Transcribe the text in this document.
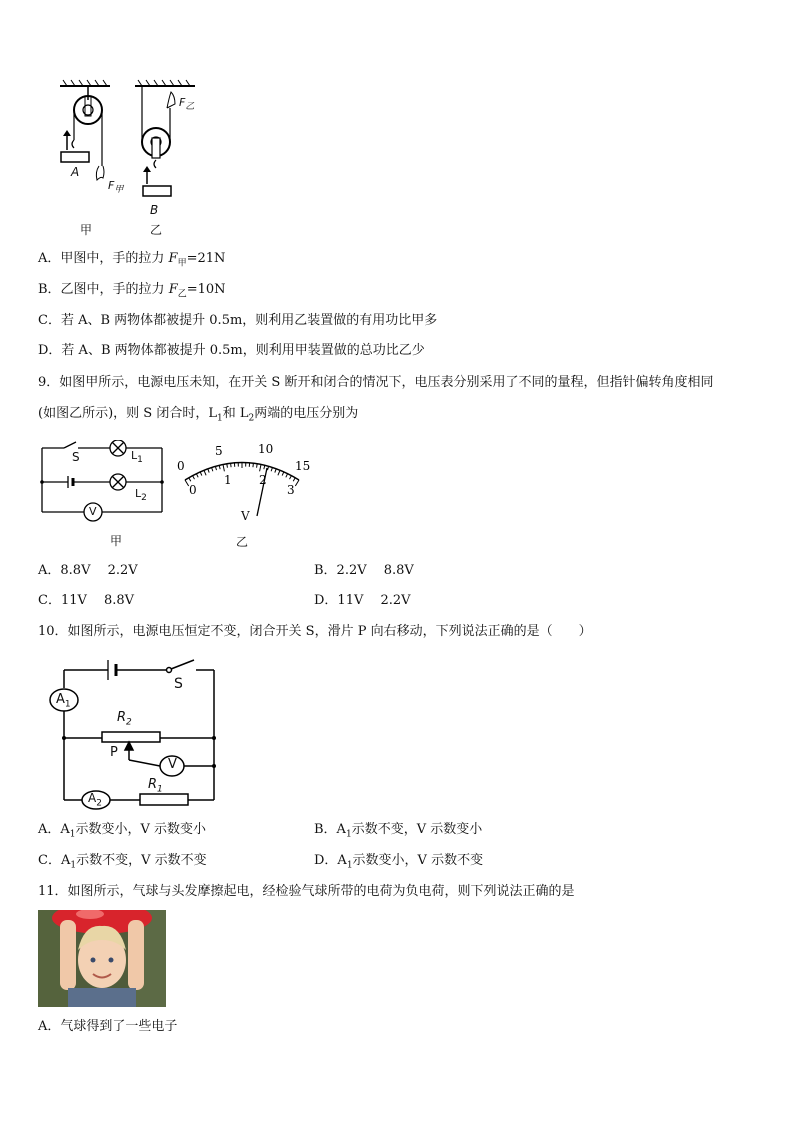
A
$F_甲$
$F_乙$
B
甲	乙
A．甲图中，手的拉力 $F_甲=21N$
B．乙图中，手的拉力 $F_乙=10N$
C．若 A、B 两物体都被提升 0.5m，则利用乙装置做的有用功比甲多
D．若 A、B 两物体都被提升 0.5m，则利用甲装置做的总功比乙少
9．如图甲所示，电源电压未知，在开关 S 断开和闭合的情况下，电压表分别采用了不同的量程，但指针偏转角度相同
(如图乙所示)，则 S 闭合时，$L_1$和 $L_2$两端的电压分别为
S	$L_1$
$L_2$
V
甲
0
5	10
15
0
1 2
3
V
乙
A．8.8V　 2.2V	B．2.2V　 8.8V
C．11V　 8.8V	D．11V　 2.2V
10．如图所示，电源电压恒定不变，闭合开关 S，滑片 P 向右移动，下列说法正确的是（　　）
S
$A_1$
$R_2$
P
V
$A_2$
$R_1$
A．$A_1$示数变小，V 示数变小	B．$A_1$示数不变，V 示数变小
C．$A_1$示数不变，V 示数不变	D．$A_1$示数变小，V 示数不变
11．如图所示，气球与头发摩擦起电，经检验气球所带的电荷为负电荷，则下列说法正确的是
A．气球得到了一些电子
